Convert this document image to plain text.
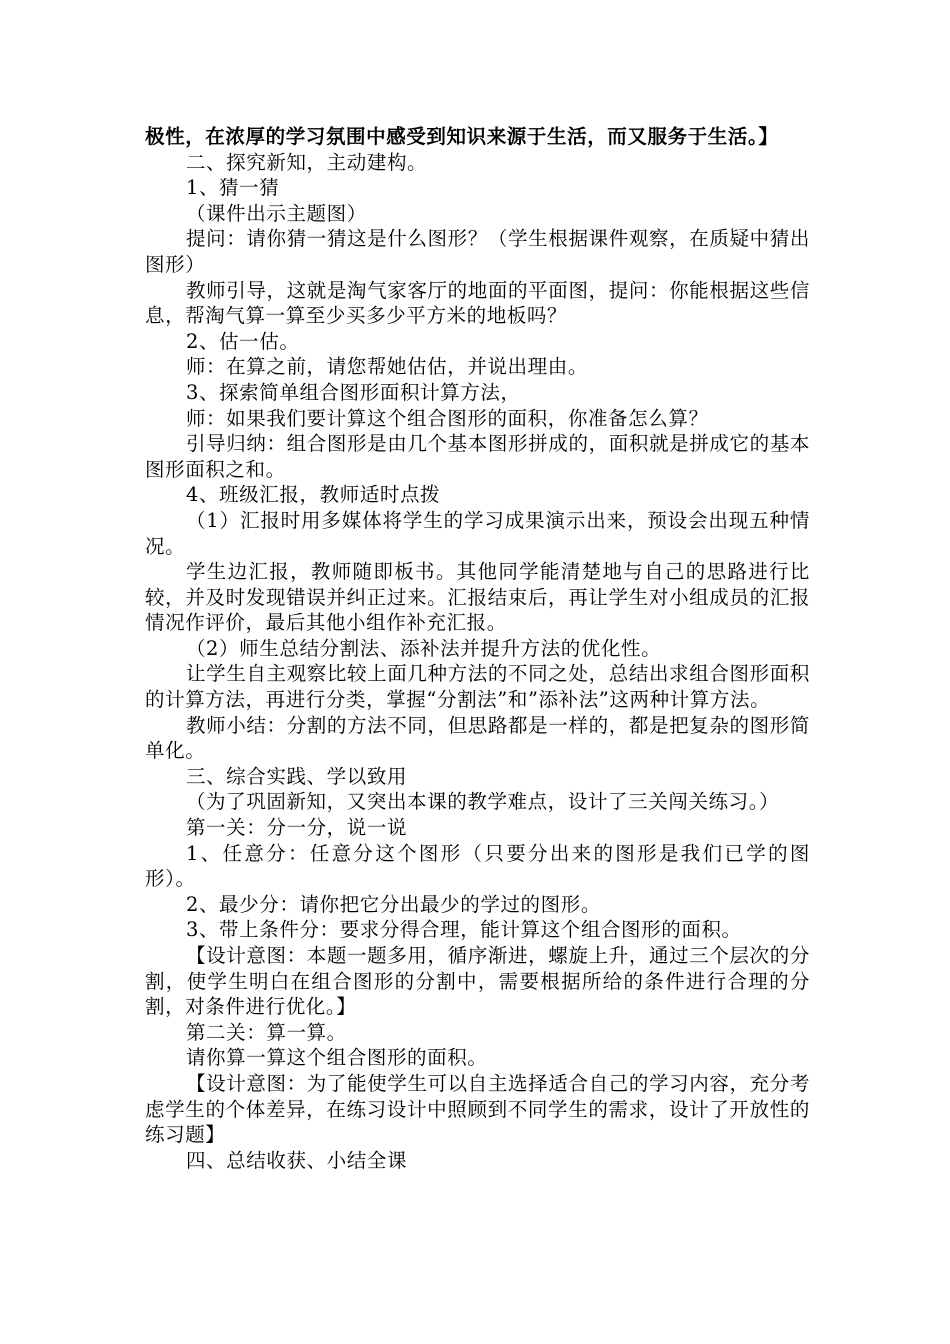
极性，在浓厚的学习氛围中感受到知识来源于生活，而又服务于生活。】

二、探究新知，主动建构。

1、猜一猜

（课件出示主题图）

提问：请你猜一猜这是什么图形？（学生根据课件观察，在质疑中猜出图形）

教师引导，这就是淘气家客厅的地面的平面图，提问：你能根据这些信息，帮淘气算一算至少买多少平方米的地板吗？

2、估一估。

师：在算之前，请您帮她估估，并说出理由。

3、探索简单组合图形面积计算方法，

师：如果我们要计算这个组合图形的面积，你准备怎么算？

引导归纳：组合图形是由几个基本图形拼成的，面积就是拼成它的基本图形面积之和。

4、班级汇报，教师适时点拨

（1）汇报时用多媒体将学生的学习成果演示出来，预设会出现五种情况。

学生边汇报，教师随即板书。其他同学能清楚地与自己的思路进行比较，并及时发现错误并纠正过来。汇报结束后，再让学生对小组成员的汇报情况作评价，最后其他小组作补充汇报。

（2）师生总结分割法、添补法并提升方法的优化性。

让学生自主观察比较上面几种方法的不同之处，总结出求组合图形面积的计算方法，再进行分类，掌握“分割法”和”添补法”这两种计算方法。

教师小结：分割的方法不同，但思路都是一样的，都是把复杂的图形简单化。

三、综合实践、学以致用

（为了巩固新知，又突出本课的教学难点，设计了三关闯关练习。）

第一关：分一分，说一说

1、任意分：任意分这个图形（只要分出来的图形是我们已学的图形）。

2、最少分：请你把它分出最少的学过的图形。

3、带上条件分：要求分得合理，能计算这个组合图形的面积。

【设计意图：本题一题多用，循序渐进，螺旋上升，通过三个层次的分割，使学生明白在组合图形的分割中，需要根据所给的条件进行合理的分割，对条件进行优化。】

第二关：算一算。

请你算一算这个组合图形的面积。

【设计意图：为了能使学生可以自主选择适合自己的学习内容，充分考虑学生的个体差异，在练习设计中照顾到不同学生的需求，设计了开放性的练习题】

四、总结收获、小结全课
